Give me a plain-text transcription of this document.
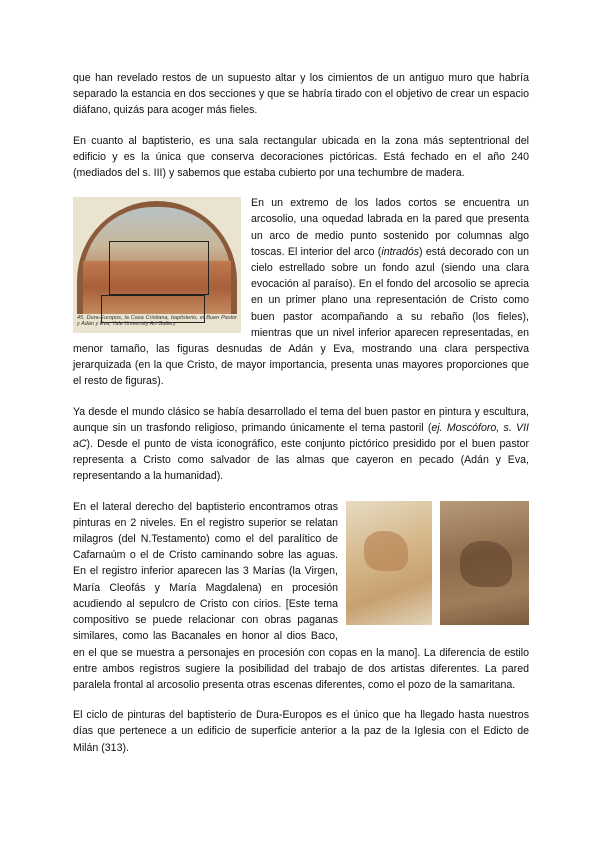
que han revelado restos de un supuesto altar y los cimientos de un antiguo muro que habría separado la estancia en dos secciones y que se habría tirado con el objetivo de crear un espacio diáfano, quizás para acoger más fieles.

En cuanto al baptisterio, es una sala rectangular ubicada en la zona más septentrional del edificio y es la única que conserva decoraciones pictóricas. Está fechado en el año 240 (mediados del s. III) y sabemos que estaba cubierto por una techumbre de madera.

45. Dura-Europos, la Casa Cristiana, baptisterio, el Buen Pastor y Adán y Eva, Yale University Art Gallery
En un extremo de los lados cortos se encuentra un arcosolio, una oquedad labrada en la pared que presenta un arco de medio punto sostenido por columnas algo toscas. El interior del arco (intradós) está decorado con un cielo estrellado sobre un fondo azul (siendo una clara evocación al paraíso). En el fondo del arcosolio se aprecia en un primer plano una representación de Cristo como buen pastor acompañando a su rebaño (los fieles), mientras que un nivel inferior aparecen representadas, en menor tamaño, las figuras desnudas de Adán y Eva, mostrando una clara perspectiva jerarquizada (en la que Cristo, de mayor importancia, presenta unas mayores proporciones que el resto de figuras).

Ya desde el mundo clásico se había desarrollado el tema del buen pastor en pintura y escultura, aunque sin un trasfondo religioso, primando únicamente el tema pastoril (ej. Moscóforo, s. VII aC). Desde el punto de vista iconográfico, este conjunto pictórico presidido por el buen pastor representa a Cristo como salvador de las almas que cayeron en pecado (Adán y Eva, representando a la humanidad).

En el lateral derecho del baptisterio encontramos otras pinturas en 2 niveles. En el registro superior se relatan milagros (del N.Testamento) como el del paralítico de Cafarnaúm o el de Cristo caminando sobre las aguas. En el registro inferior aparecen las 3 Marías (la Virgen, María Cleofás y María Magdalena) en procesión acudiendo al sepulcro de Cristo con cirios. [Este tema compositivo se puede relacionar con obras paganas similares, como las Bacanales en honor al dios Baco, en el que se muestra a personajes en procesión con copas en la mano]. La diferencia de estilo entre ambos registros sugiere la posibilidad del trabajo de dos artistas diferentes. La pared paralela frontal al arcosolio presenta otras escenas diferentes, como el pozo de la samaritana.

El ciclo de pinturas del baptisterio de Dura-Europos es el único que ha llegado hasta nuestros días que pertenece a un edificio de superficie anterior a la paz de la Iglesia con el Edicto de Milán (313).
